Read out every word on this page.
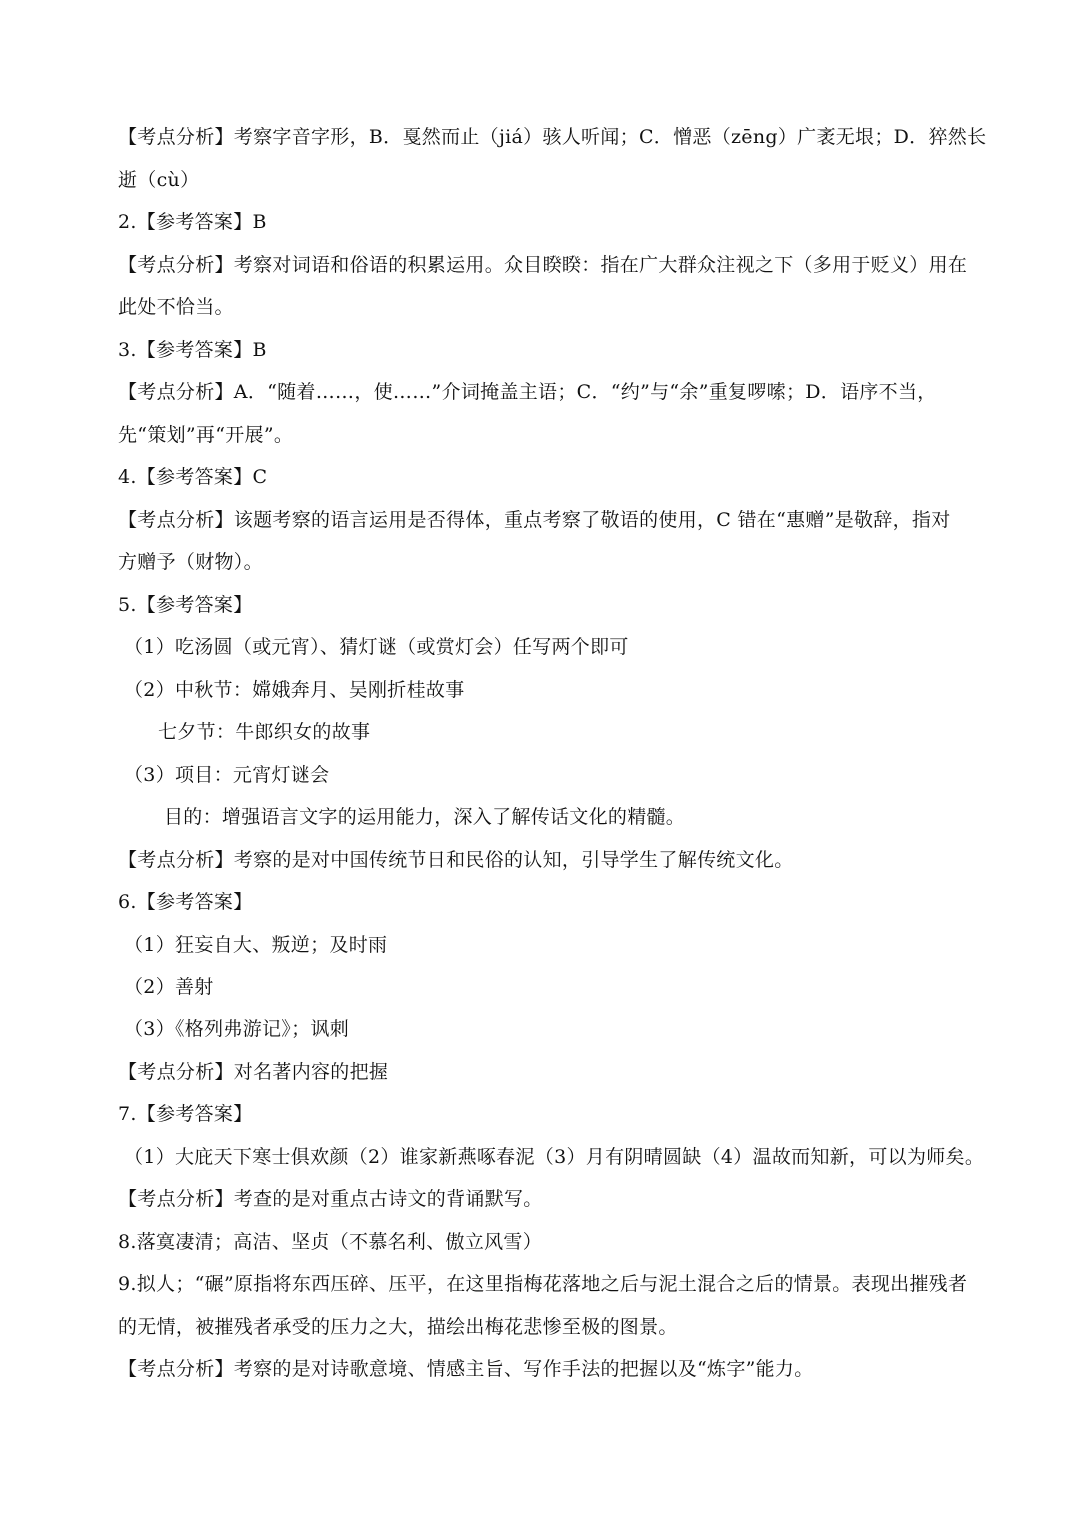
【考点分析】考察字音字形，B．戛然而止（jiá）骇人听闻；C．憎恶（zēng）广袤无垠；D．猝然长
逝（cù）
2.【参考答案】B
【考点分析】考察对词语和俗语的积累运用。众目睽睽：指在广大群众注视之下（多用于贬义）用在
此处不恰当。
3.【参考答案】B
【考点分析】A．“随着……，使……”介词掩盖主语；C．“约”与“余”重复啰嗦；D．语序不当，
先“策划”再“开展”。
4.【参考答案】C
【考点分析】该题考察的语言运用是否得体，重点考察了敬语的使用，C 错在“惠赠”是敬辞，指对
方赠予（财物）。
5.【参考答案】
（1）吃汤圆（或元宵）、猜灯谜（或赏灯会）任写两个即可
（2）中秋节：嫦娥奔月、吴刚折桂故事
七夕节：牛郎织女的故事
（3）项目：元宵灯谜会
目的：增强语言文字的运用能力，深入了解传话文化的精髓。
【考点分析】考察的是对中国传统节日和民俗的认知，引导学生了解传统文化。
6.【参考答案】
（1）狂妄自大、叛逆；及时雨
（2）善射
（3）《格列弗游记》；讽刺
【考点分析】对名著内容的把握
7.【参考答案】
（1）大庇天下寒士俱欢颜（2）谁家新燕啄春泥（3）月有阴晴圆缺（4）温故而知新，可以为师矣。
【考点分析】考查的是对重点古诗文的背诵默写。
8.落寞凄清；高洁、坚贞（不慕名利、傲立风雪）
9.拟人；“碾”原指将东西压碎、压平，在这里指梅花落地之后与泥土混合之后的情景。表现出摧残者
的无情，被摧残者承受的压力之大，描绘出梅花悲惨至极的图景。
【考点分析】考察的是对诗歌意境、情感主旨、写作手法的把握以及“炼字”能力。
